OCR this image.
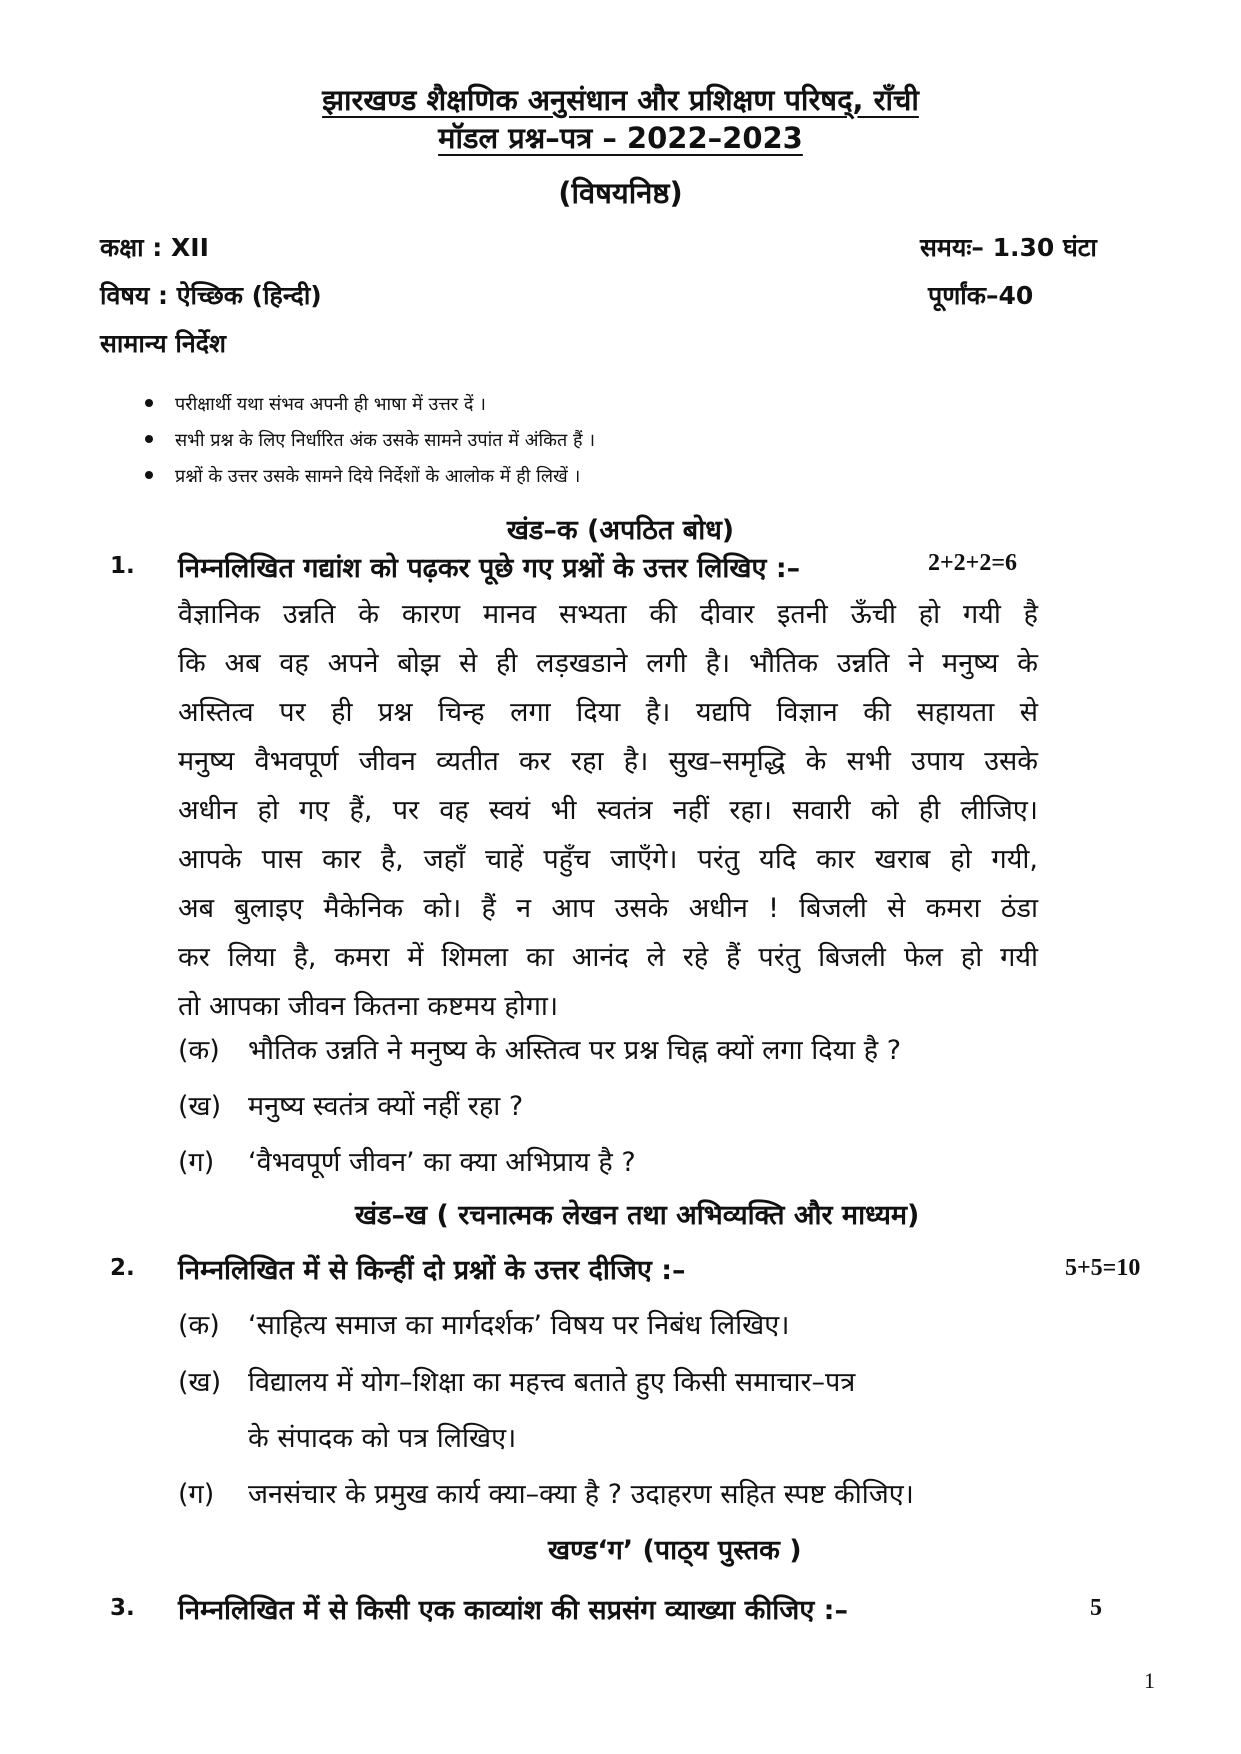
झारखण्ड शैक्षणिक अनुसंधान और प्रशिक्षण परिषद्, राँची
मॉडल प्रश्न–पत्र – 2022–2023
(विषयनिष्ठ)
कक्षा : XII	समयः– 1.30 घंटा
विषय : ऐच्छिक (हिन्दी)	पूर्णांक–40
सामान्य निर्देश
परीक्षार्थी यथा संभव अपनी ही भाषा में उत्तर दें ।
सभी प्रश्न के लिए निर्धारित अंक उसके सामने उपांत में अंकित हैं ।
प्रश्नों के उत्तर उसके सामने दिये निर्देशों के आलोक में ही लिखें ।
खंड–क (अपठित बोध)
1. निम्नलिखित गद्यांश को पढ़कर पूछे गए प्रश्नों के उत्तर लिखिए :–	2+2+2=6
वैज्ञानिक उन्नति के कारण मानव सभ्यता की दीवार इतनी ऊँची हो गयी है
कि अब वह अपने बोझ से ही लड़खडाने लगी है। भौतिक उन्नति ने मनुष्य के
अस्तित्व पर ही प्रश्न चिन्ह लगा दिया है। यद्यपि विज्ञान की सहायता से
मनुष्य वैभवपूर्ण जीवन व्यतीत कर रहा है। सुख–समृद्धि के सभी उपाय उसके
अधीन हो गए हैं, पर वह स्वयं भी स्वतंत्र नहीं रहा। सवारी को ही लीजिए।
आपके पास कार है, जहाँ चाहें पहुँच जाएँगे। परंतु यदि कार खराब हो गयी,
अब बुलाइए मैकेनिक को। हैं न आप उसके अधीन ! बिजली से कमरा ठंडा
कर लिया है, कमरा में शिमला का आनंद ले रहे हैं परंतु बिजली फेल हो गयी
तो आपका जीवन कितना कष्टमय होगा।
(क) भौतिक उन्नति ने मनुष्य के अस्तित्व पर प्रश्न चिह्न क्यों लगा दिया है ?
(ख) मनुष्य स्वतंत्र क्यों नहीं रहा ?
(ग) ‘वैभवपूर्ण जीवन’ का क्या अभिप्राय है ?
खंड–ख ( रचनात्मक लेखन तथा अभिव्यक्ति और माध्यम)
2. निम्नलिखित में से किन्हीं दो प्रश्नों के उत्तर दीजिए :–	5+5=10
(क) ‘साहित्य समाज का मार्गदर्शक’ विषय पर निबंध लिखिए।
(ख) विद्यालय में योग–शिक्षा का महत्त्व बताते हुए किसी समाचार–पत्र
के संपादक को पत्र लिखिए।
(ग) जनसंचार के प्रमुख कार्य क्या–क्या है ? उदाहरण सहित स्पष्ट कीजिए।
खण्ड‘ग’ (पाठ्‌य पुस्तक )
3. निम्नलिखित में से किसी एक काव्यांश की सप्रसंग व्याख्या कीजिए :–	5
1
